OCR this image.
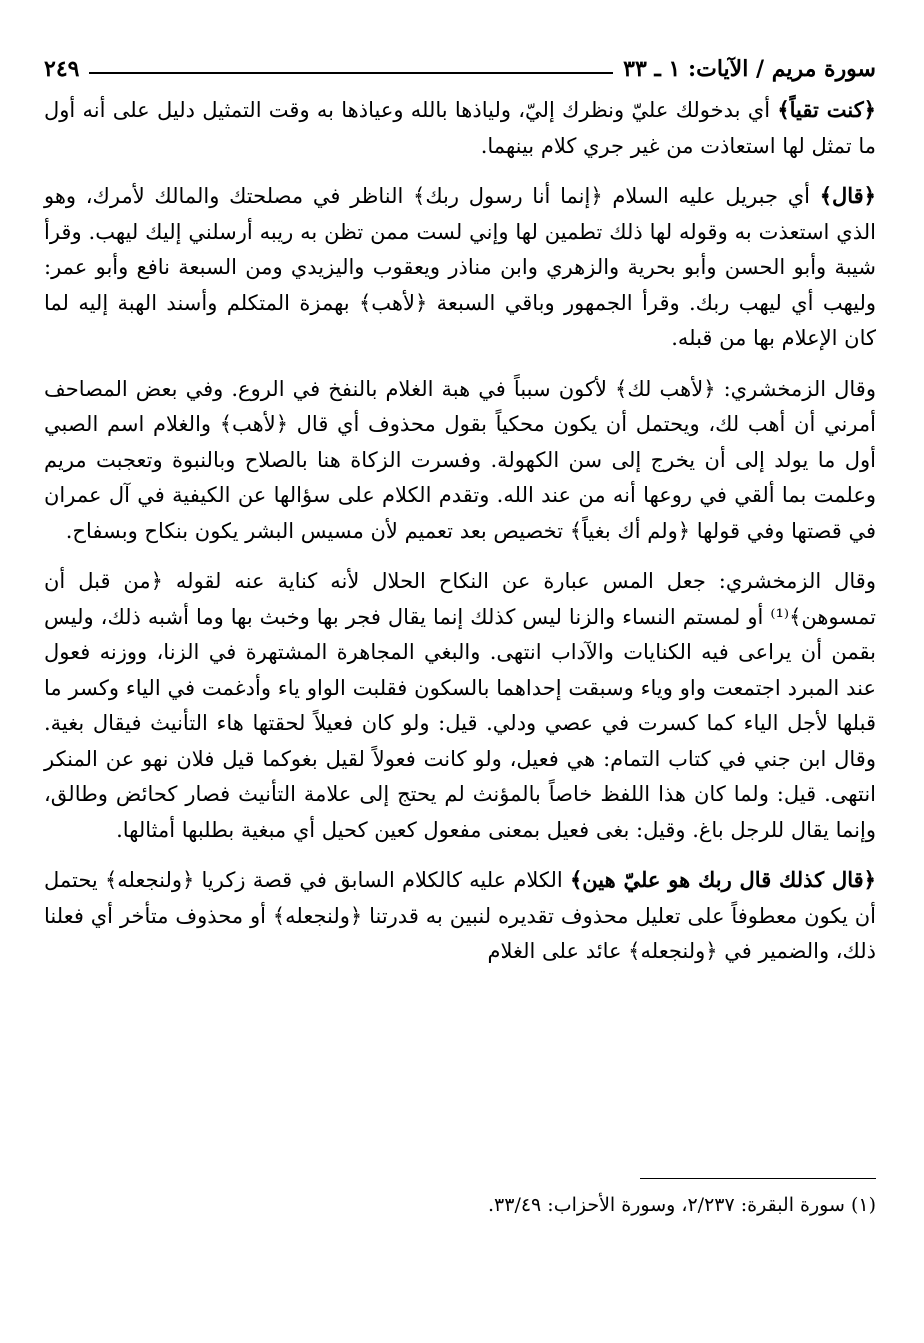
سورة مريم / الآيات: ١ ـ ٣٣
٢٤٩

﴿كنت تقياً﴾ أي بدخولك عليّ ونظرك إليّ، ولياذها بالله وعياذها به وقت التمثيل دليل على أنه أول ما تمثل لها استعاذت من غير جري كلام بينهما.

﴿قال﴾ أي جبريل عليه السلام ﴿إنما أنا رسول ربك﴾ الناظر في مصلحتك والمالك لأمرك، وهو الذي استعذت به وقوله لها ذلك تطمين لها وإني لست ممن تظن به ريبه أرسلني إليك ليهب. وقرأ شيبة وأبو الحسن وأبو بحرية والزهري وابن مناذر ويعقوب واليزيدي ومن السبعة نافع وأبو عمر: وليهب أي ليهب ربك. وقرأ الجمهور وباقي السبعة ﴿لأهب﴾ بهمزة المتكلم وأسند الهبة إليه لما كان الإعلام بها من قبله.

وقال الزمخشري: ﴿لأهب لك﴾ لأكون سبباً في هبة الغلام بالنفخ في الروع. وفي بعض المصاحف أمرني أن أهب لك، ويحتمل أن يكون محكياً بقول محذوف أي قال ﴿لأهب﴾ والغلام اسم الصبي أول ما يولد إلى أن يخرج إلى سن الكهولة. وفسرت الزكاة هنا بالصلاح وبالنبوة وتعجبت مريم وعلمت بما ألقي في روعها أنه من عند الله. وتقدم الكلام على سؤالها عن الكيفية في آل عمران في قصتها وفي قولها ﴿ولم أك بغياً﴾ تخصيص بعد تعميم لأن مسيس البشر يكون بنكاح وبسفاح.

وقال الزمخشري: جعل المس عبارة عن النكاح الحلال لأنه كناية عنه لقوله ﴿من قبل أن تمسوهن﴾⁽¹⁾ أو لمستم النساء والزنا ليس كذلك إنما يقال فجر بها وخبث بها وما أشبه ذلك، وليس بقمن أن يراعى فيه الكنايات والآداب انتهى. والبغي المجاهرة المشتهرة في الزنا، ووزنه فعول عند المبرد اجتمعت واو وياء وسبقت إحداهما بالسكون فقلبت الواو ياء وأدغمت في الياء وكسر ما قبلها لأجل الياء كما كسرت في عصي ودلي. قيل: ولو كان فعيلاً لحقتها هاء التأنيث فيقال بغية. وقال ابن جني في كتاب التمام: هي فعيل، ولو كانت فعولاً لقيل بغوكما قيل فلان نهو عن المنكر انتهى. قيل: ولما كان هذا اللفظ خاصاً بالمؤنث لم يحتج إلى علامة التأنيث فصار كحائض وطالق، وإنما يقال للرجل باغ. وقيل: بغى فعيل بمعنى مفعول كعين كحيل أي مبغية بطلبها أمثالها.

﴿قال كذلك قال ربك هو عليّ هين﴾ الكلام عليه كالكلام السابق في قصة زكريا ﴿ولنجعله﴾ يحتمل أن يكون معطوفاً على تعليل محذوف تقديره لنبين به قدرتنا ﴿ولنجعله﴾ أو محذوف متأخر أي فعلنا ذلك، والضمير في ﴿ولنجعله﴾ عائد على الغلام

(١) سورة البقرة: ٢/٢٣٧، وسورة الأحزاب: ٣٣/٤٩.
